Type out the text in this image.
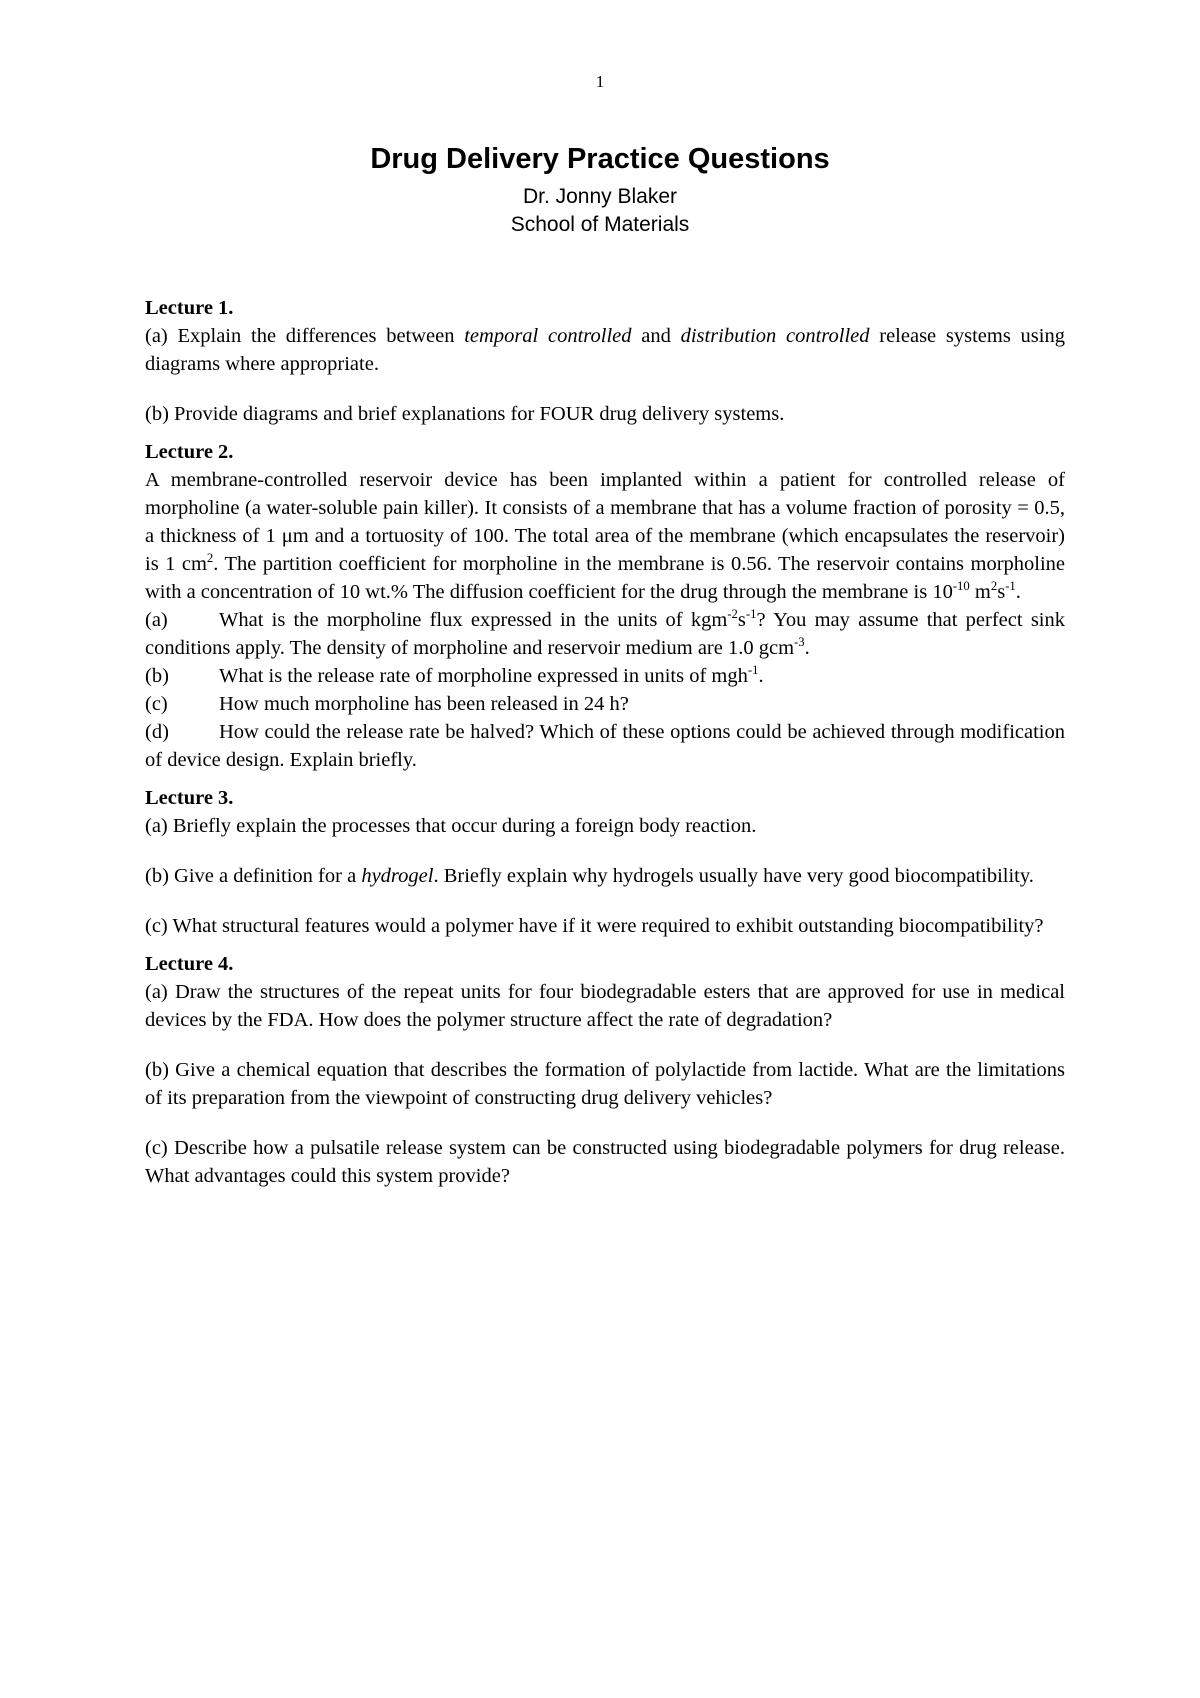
1
Drug Delivery Practice Questions
Dr. Jonny Blaker
School of Materials

Lecture 1.

(a) Explain the differences between temporal controlled and distribution controlled release systems using diagrams where appropriate.

(b) Provide diagrams and brief explanations for FOUR drug delivery systems.

Lecture 2.

A membrane-controlled reservoir device has been implanted within a patient for controlled release of morpholine (a water-soluble pain killer). It consists of a membrane that has a volume fraction of porosity = 0.5, a thickness of 1 μm and a tortuosity of 100. The total area of the membrane (which encapsulates the reservoir) is 1 $cm^2$. The partition coefficient for morpholine in the membrane is 0.56. The reservoir contains morpholine with a concentration of 10 wt.% The diffusion coefficient for the drug through the membrane is $10^{-10}$ $m^2s^{-1}$.

(a) What is the morpholine flux expressed in the units of $kgm^{-2}s^{-1}$? You may assume that perfect sink conditions apply. The density of morpholine and reservoir medium are 1.0 gcm$^{-3}$.

(b) What is the release rate of morpholine expressed in units of mgh$^{-1}$.

(c) How much morpholine has been released in 24 h?

(d) How could the release rate be halved? Which of these options could be achieved through modification of device design. Explain briefly.

Lecture 3.

(a) Briefly explain the processes that occur during a foreign body reaction.

(b) Give a definition for a hydrogel. Briefly explain why hydrogels usually have very good biocompatibility.

(c) What structural features would a polymer have if it were required to exhibit outstanding biocompatibility?

Lecture 4.

(a) Draw the structures of the repeat units for four biodegradable esters that are approved for use in medical devices by the FDA. How does the polymer structure affect the rate of degradation?

(b) Give a chemical equation that describes the formation of polylactide from lactide. What are the limitations of its preparation from the viewpoint of constructing drug delivery vehicles?

(c) Describe how a pulsatile release system can be constructed using biodegradable polymers for drug release. What advantages could this system provide?
